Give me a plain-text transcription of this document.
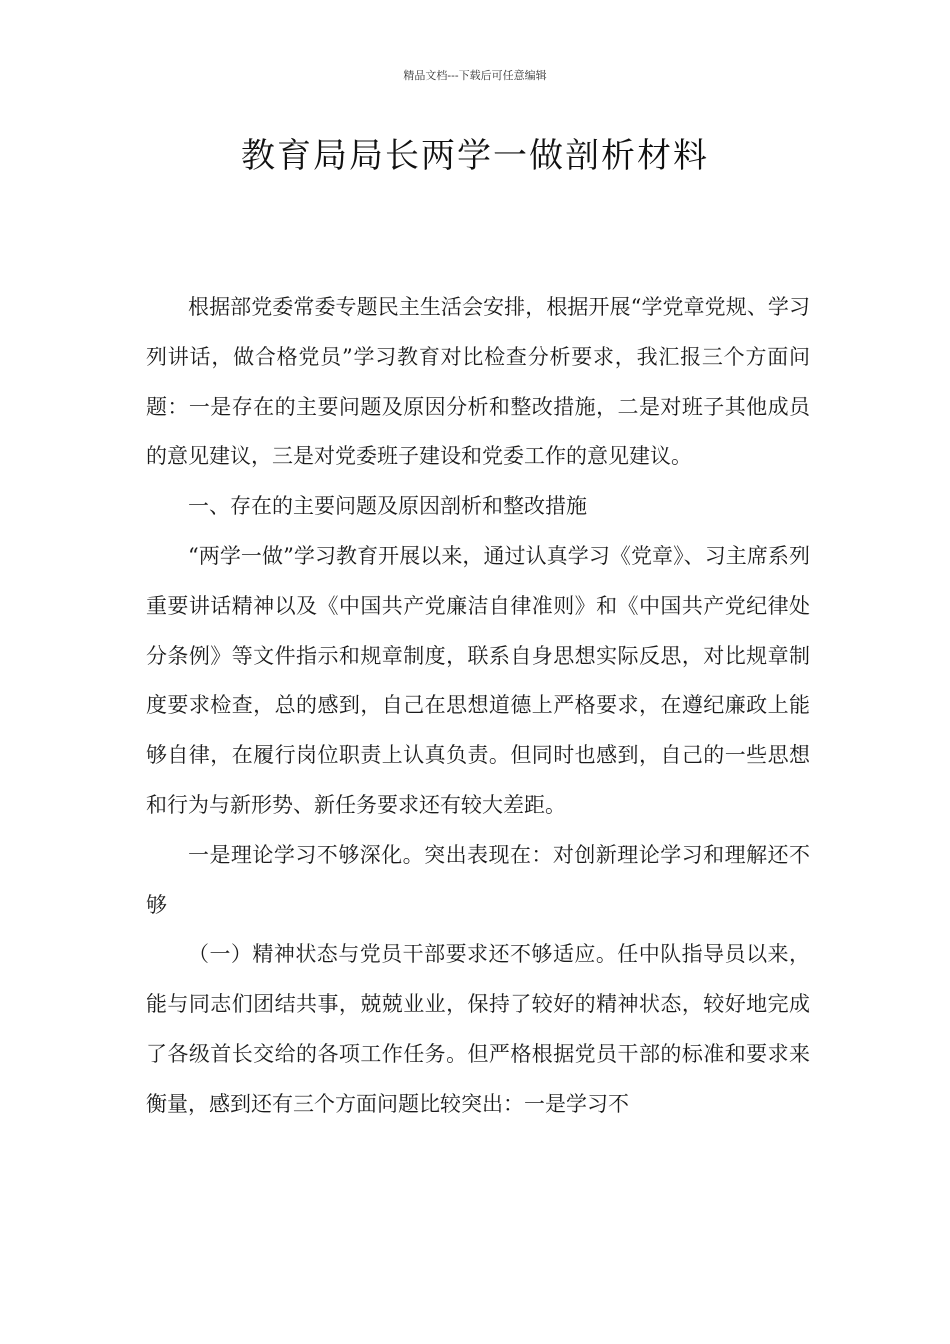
精品文档---下载后可任意编辑
教育局局长两学一做剖析材料

根据部党委常委专题民主生活会安排，根据开展“学党章党规、学习列讲话，做合格党员”学习教育对比检查分析要求，我汇报三个方面问题：一是存在的主要问题及原因分析和整改措施，二是对班子其他成员的意见建议，三是对党委班子建设和党委工作的意见建议。

一、存在的主要问题及原因剖析和整改措施

“两学一做”学习教育开展以来，通过认真学习《党章》、习主席系列重要讲话精神以及《中国共产党廉洁自律准则》和《中国共产党纪律处分条例》等文件指示和规章制度，联系自身思想实际反思，对比规章制度要求检查，总的感到，自己在思想道德上严格要求，在遵纪廉政上能够自律，在履行岗位职责上认真负责。但同时也感到，自己的一些思想和行为与新形势、新任务要求还有较大差距。

一是理论学习不够深化。突出表现在：对创新理论学习和理解还不够

（一）精神状态与党员干部要求还不够适应。任中队指导员以来，能与同志们团结共事，兢兢业业，保持了较好的精神状态，较好地完成了各级首长交给的各项工作任务。但严格根据党员干部的标准和要求来衡量，感到还有三个方面问题比较突出：一是学习不
